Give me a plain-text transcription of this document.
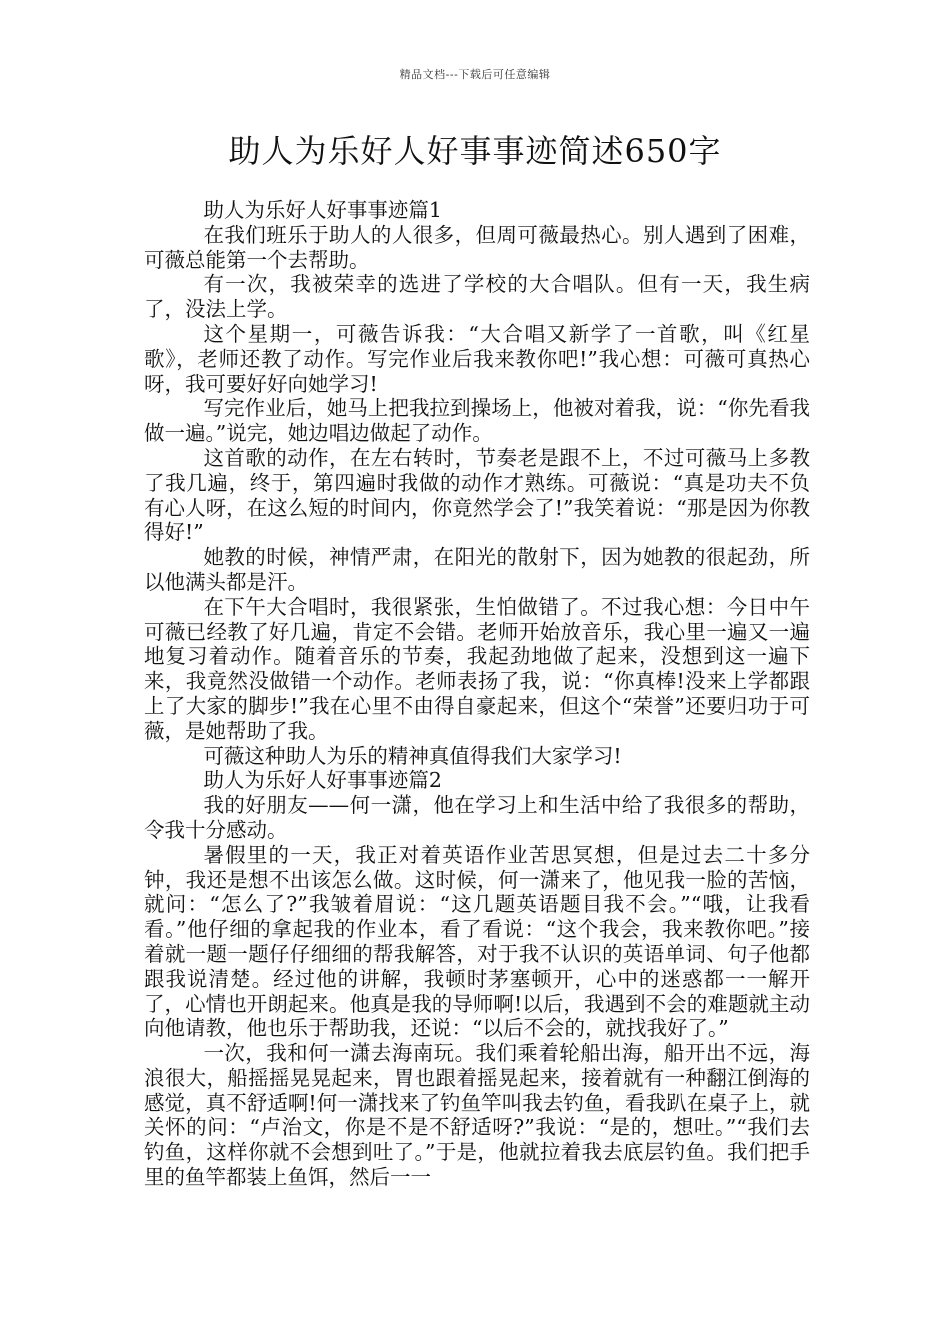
精品文档---下载后可任意编辑
助人为乐好人好事事迹简述650字

助人为乐好人好事事迹篇1

在我们班乐于助人的人很多，但周可薇最热心。别人遇到了困难，可薇总能第一个去帮助。

有一次，我被荣幸的选进了学校的大合唱队。但有一天，我生病了，没法上学。

这个星期一，可薇告诉我：“大合唱又新学了一首歌，叫《红星歌》，老师还教了动作。写完作业后我来教你吧!”我心想：可薇可真热心呀，我可要好好向她学习!

写完作业后，她马上把我拉到操场上，他被对着我，说：“你先看我做一遍。”说完，她边唱边做起了动作。

这首歌的动作，在左右转时，节奏老是跟不上，不过可薇马上多教了我几遍，终于，第四遍时我做的动作才熟练。可薇说：“真是功夫不负有心人呀，在这么短的时间内，你竟然学会了!”我笑着说：“那是因为你教得好!”

她教的时候，神情严肃，在阳光的散射下，因为她教的很起劲，所以他满头都是汗。

在下午大合唱时，我很紧张，生怕做错了。不过我心想：今日中午可薇已经教了好几遍，肯定不会错。老师开始放音乐，我心里一遍又一遍地复习着动作。随着音乐的节奏，我起劲地做了起来，没想到这一遍下来，我竟然没做错一个动作。老师表扬了我，说：“你真棒!没来上学都跟上了大家的脚步!”我在心里不由得自豪起来，但这个“荣誉”还要归功于可薇，是她帮助了我。

可薇这种助人为乐的精神真值得我们大家学习!

助人为乐好人好事事迹篇2

我的好朋友——何一潇，他在学习上和生活中给了我很多的帮助，令我十分感动。

暑假里的一天，我正对着英语作业苦思冥想，但是过去二十多分钟，我还是想不出该怎么做。这时候，何一潇来了，他见我一脸的苦恼，就问：“怎么了?”我皱着眉说：“这几题英语题目我不会。”“哦，让我看看。”他仔细的拿起我的作业本，看了看说：“这个我会，我来教你吧。”接着就一题一题仔仔细细的帮我解答，对于我不认识的英语单词、句子他都跟我说清楚。经过他的讲解，我顿时茅塞顿开，心中的迷惑都一一解开了，心情也开朗起来。他真是我的导师啊!以后，我遇到不会的难题就主动向他请教，他也乐于帮助我，还说：“以后不会的，就找我好了。”

一次，我和何一潇去海南玩。我们乘着轮船出海，船开出不远，海浪很大，船摇摇晃晃起来，胃也跟着摇晃起来，接着就有一种翻江倒海的感觉，真不舒适啊!何一潇找来了钓鱼竿叫我去钓鱼，看我趴在桌子上，就关怀的问：“卢治文，你是不是不舒适呀?”我说：“是的，想吐。”“我们去钓鱼，这样你就不会想到吐了。”于是，他就拉着我去底层钓鱼。我们把手里的鱼竿都装上鱼饵，然后一一
